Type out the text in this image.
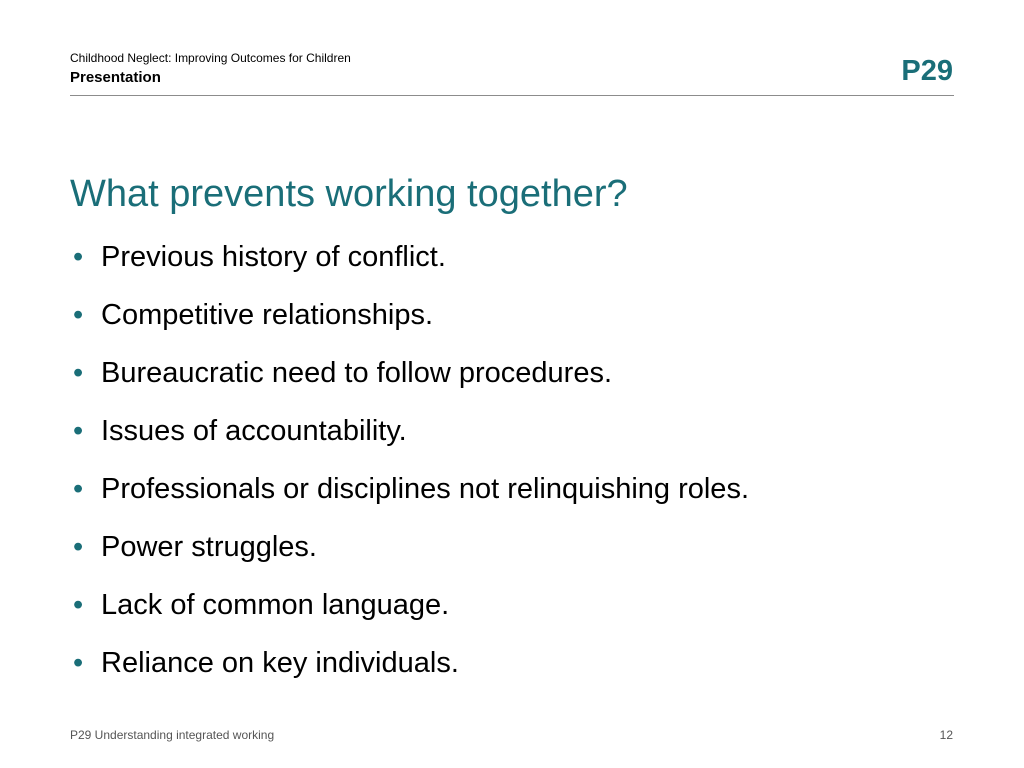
Childhood Neglect: Improving Outcomes for Children
Presentation	P29
What prevents working together?
• Previous history of conflict.
• Competitive relationships.
• Bureaucratic need to follow procedures.
• Issues of accountability.
• Professionals or disciplines not relinquishing roles.
• Power struggles.
• Lack of common language.
• Reliance on key individuals.
P29 Understanding integrated working	12
